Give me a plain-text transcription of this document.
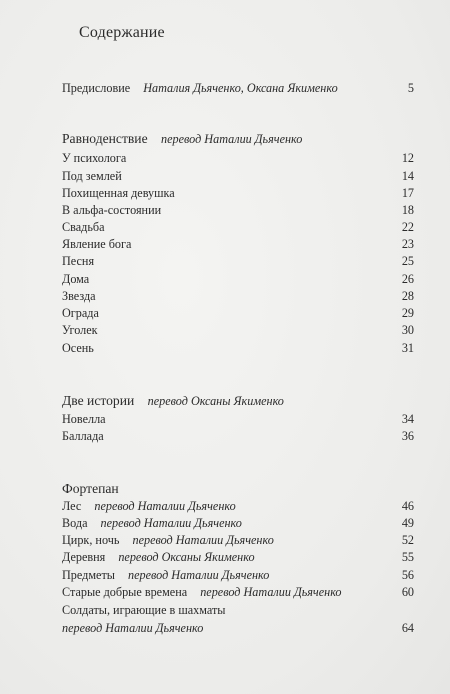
Содержание
Предисловие Наталия Дьяченко, Оксана Якименко	5
Равноденствие перевод Наталии Дьяченко
У психолога	12
Под землей	14
Похищенная девушка	17
В альфа-состоянии	18
Свадьба	22
Явление бога	23
Песня	25
Дома	26
Звезда	28
Ограда	29
Уголек	30
Осень	31
Две истории перевод Оксаны Якименко
Новелла	34
Баллада	36
Фортепан
Лес перевод Наталии Дьяченко	46
Вода перевод Наталии Дьяченко	49
Цирк, ночь перевод Наталии Дьяченко	52
Деревня перевод Оксаны Якименко	55
Предметы перевод Наталии Дьяченко	56
Старые добрые времена перевод Наталии Дьяченко	60
Солдаты, играющие в шахматы
перевод Наталии Дьяченко	64
